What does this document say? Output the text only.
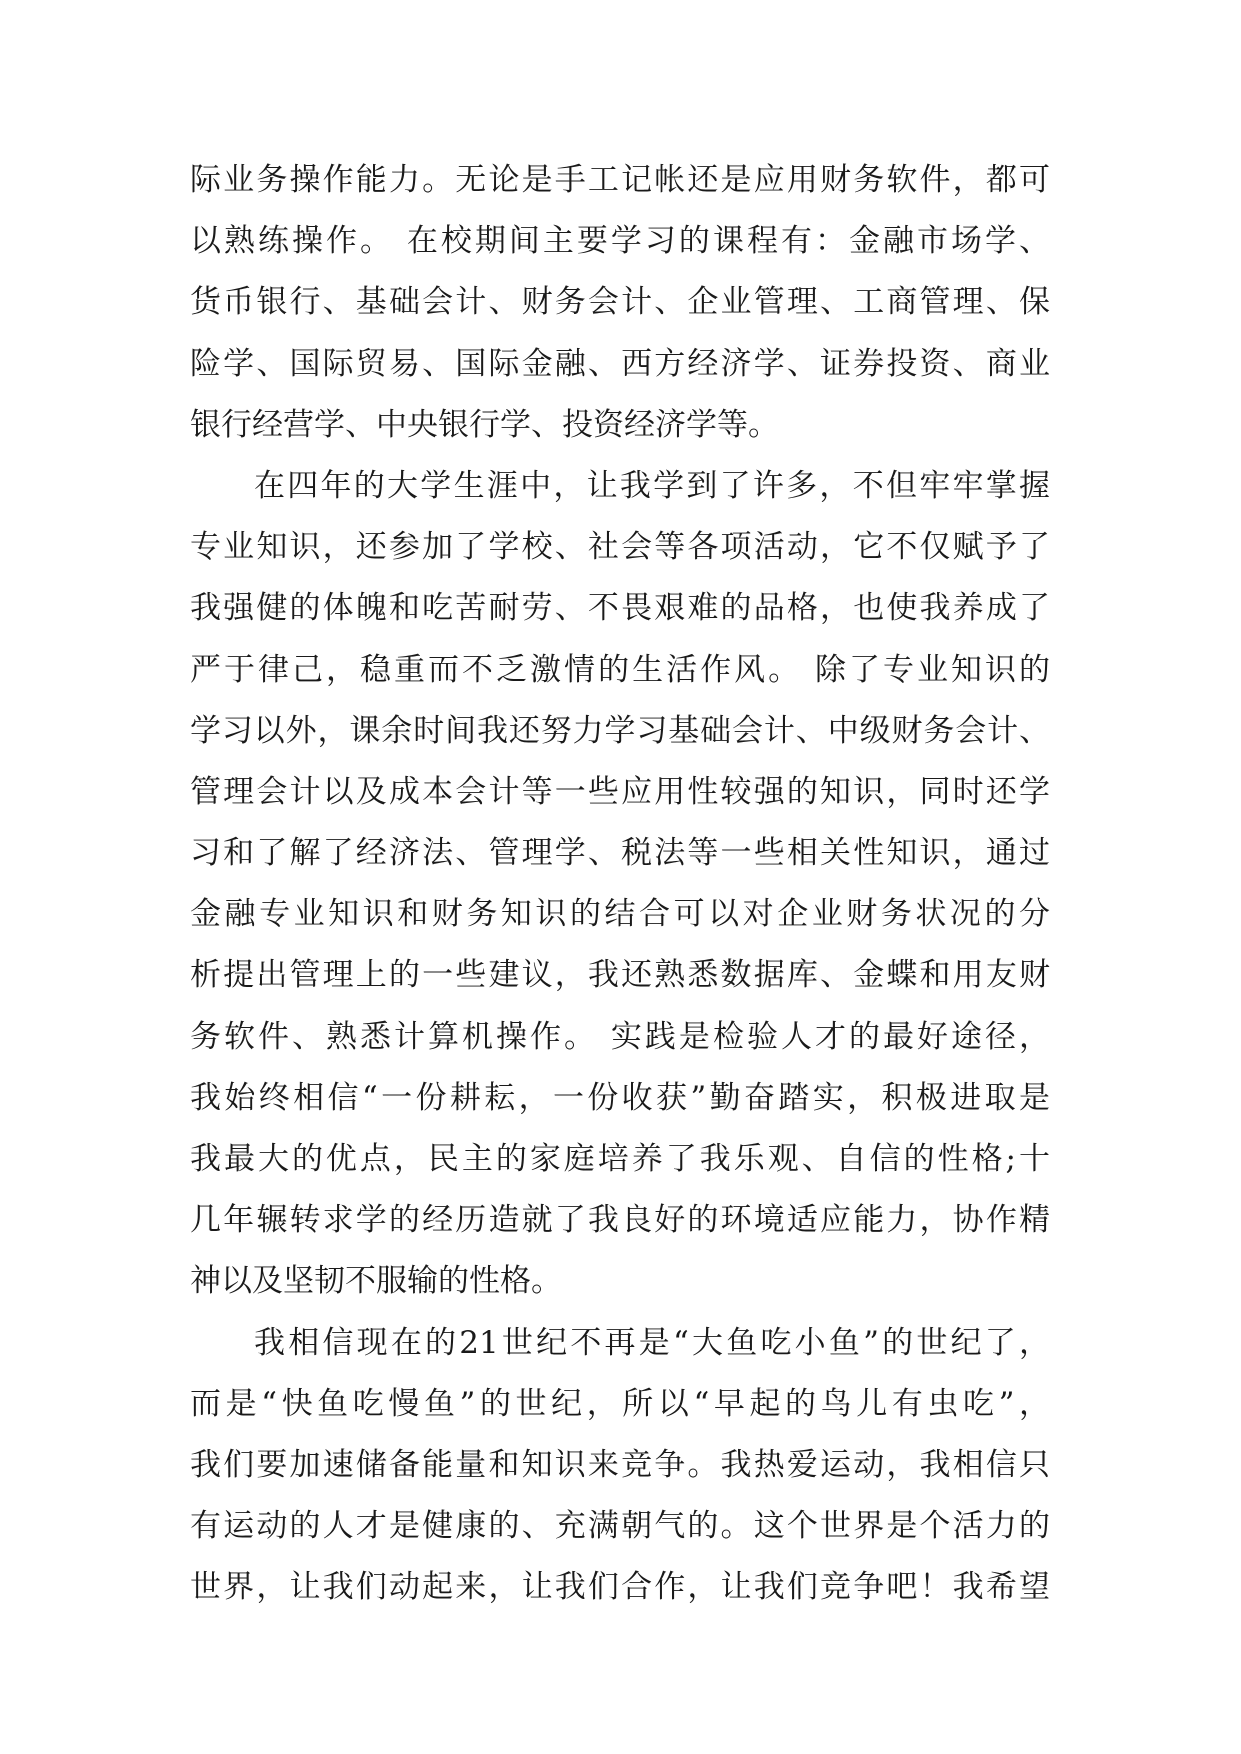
际业务操作能力。无论是手工记帐还是应用财务软件，都可
以熟练操作。 在校期间主要学习的课程有：金融市场学、
货币银行、基础会计、财务会计、企业管理、工商管理、保
险学、国际贸易、国际金融、西方经济学、证券投资、商业
银行经营学、中央银行学、投资经济学等。
在四年的大学生涯中，让我学到了许多，不但牢牢掌握
专业知识，还参加了学校、社会等各项活动，它不仅赋予了
我强健的体魄和吃苦耐劳、不畏艰难的品格，也使我养成了
严于律己，稳重而不乏激情的生活作风。 除了专业知识的
学习以外，课余时间我还努力学习基础会计、中级财务会计、
管理会计以及成本会计等一些应用性较强的知识，同时还学
习和了解了经济法、管理学、税法等一些相关性知识，通过
金融专业知识和财务知识的结合可以对企业财务状况的分
析提出管理上的一些建议，我还熟悉数据库、金蝶和用友财
务软件、熟悉计算机操作。 实践是检验人才的最好途径，
我始终相信“一份耕耘，一份收获”勤奋踏实，积极进取是
我最大的优点，民主的家庭培养了我乐观、自信的性格;十
几年辗转求学的经历造就了我良好的环境适应能力，协作精
神以及坚韧不服输的性格。
我相信现在的21世纪不再是“大鱼吃小鱼”的世纪了，
而是“快鱼吃慢鱼”的世纪，所以“早起的鸟儿有虫吃”，
我们要加速储备能量和知识来竞争。我热爱运动，我相信只
有运动的人才是健康的、充满朝气的。这个世界是个活力的
世界，让我们动起来，让我们合作，让我们竞争吧！我希望
